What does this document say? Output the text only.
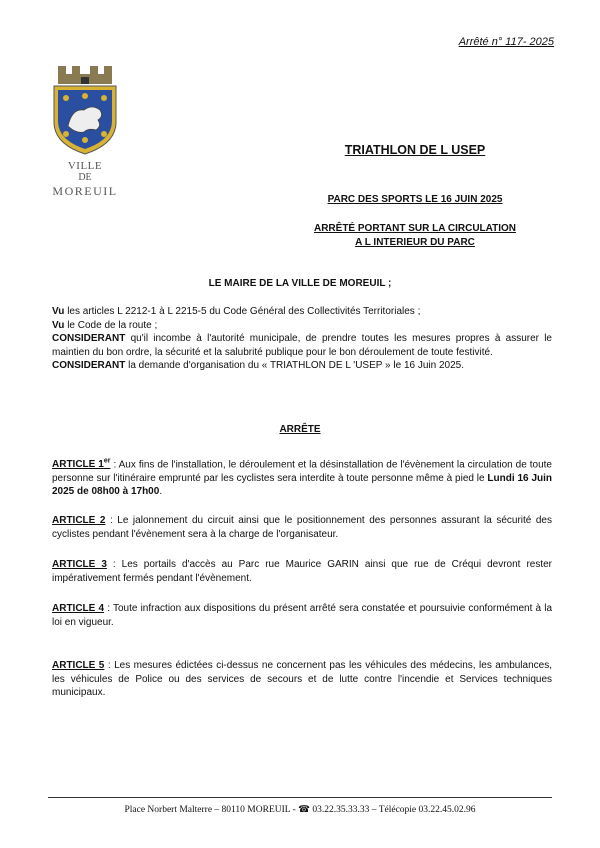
Arrêté n° 117- 2025
VILLE
DE
MOREUIL
TRIATHLON DE L USEP
PARC DES SPORTS LE 16 JUIN 2025
ARRÊTÉ PORTANT SUR LA CIRCULATION
A L INTERIEUR DU PARC
LE MAIRE DE LA VILLE DE MOREUIL ;
Vu les articles L 2212-1 à L 2215-5 du Code Général des Collectivités Territoriales ;
Vu le Code de la route ;
CONSIDERANT qu'il incombe à l'autorité municipale, de prendre toutes les mesures propres à assurer le maintien du bon ordre, la sécurité et la salubrité publique pour le bon déroulement de toute festivité.
CONSIDERANT la demande d'organisation du « TRIATHLON DE L 'USEP » le 16 Juin 2025.
ARRÊTE
ARTICLE 1er : Aux fins de l'installation, le déroulement et la désinstallation de l'évènement la circulation de toute personne sur l'itinéraire emprunté par les cyclistes sera interdite à toute personne même à pied le Lundi 16 Juin 2025 de 08h00 à 17h00.
ARTICLE 2 : Le jalonnement du circuit ainsi que le positionnement des personnes assurant la sécurité des cyclistes pendant l'évènement sera à la charge de l'organisateur.
ARTICLE 3 : Les portails d'accès au Parc rue Maurice GARIN ainsi que rue de Créqui devront rester impérativement fermés pendant l'évènement.
ARTICLE 4 : Toute infraction aux dispositions du présent arrêté sera constatée et poursuivie conformément à la loi en vigueur.
ARTICLE 5 : Les mesures édictées ci-dessus ne concernent pas les véhicules des médecins, les ambulances, les véhicules de Police ou des services de secours et de lutte contre l'incendie et Services techniques municipaux.
Place Norbert Malterre – 80110 MOREUIL - ☎ 03.22.35.33.33 – Télécopie 03.22.45.02.96
